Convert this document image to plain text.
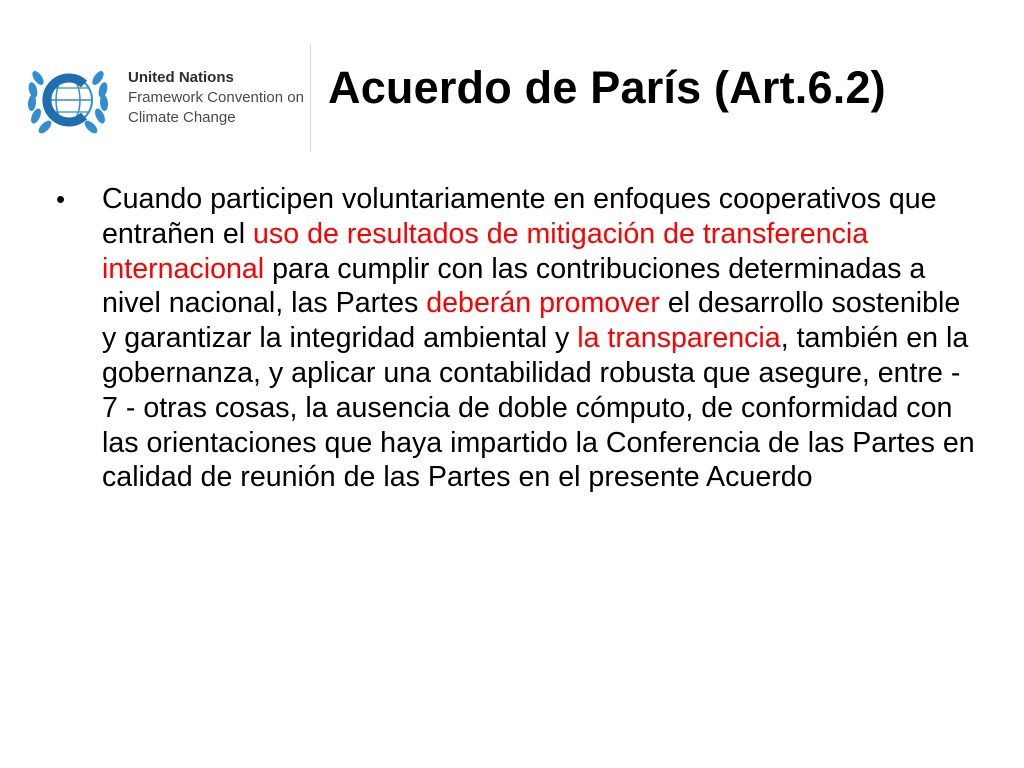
United Nations
Framework Convention on
Climate Change
Acuerdo de París (Art.6.2)
• Cuando participen voluntariamente en enfoques cooperativos que entrañen el uso de resultados de mitigación de transferencia internacional para cumplir con las contribuciones determinadas a nivel nacional, las Partes deberán promover el desarrollo sostenible y garantizar la integridad ambiental y la transparencia, también en la gobernanza, y aplicar una contabilidad robusta que asegure, entre - 7 - otras cosas, la ausencia de doble cómputo, de conformidad con las orientaciones que haya impartido la Conferencia de las Partes en calidad de reunión de las Partes en el presente Acuerdo
